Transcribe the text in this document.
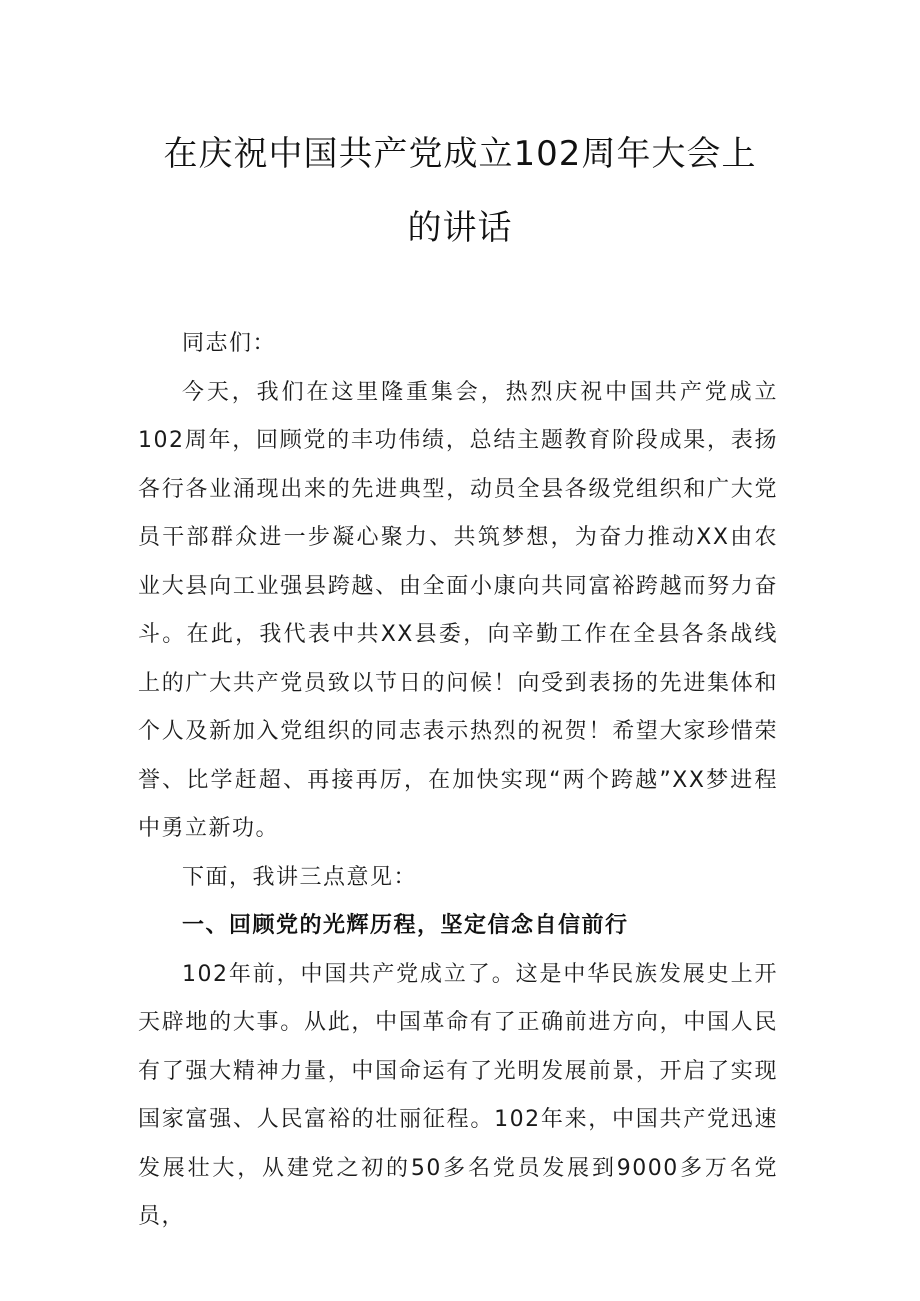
在庆祝中国共产党成立102周年大会上
的讲话

同志们：

今天，我们在这里隆重集会，热烈庆祝中国共产党成立102周年，回顾党的丰功伟绩，总结主题教育阶段成果，表扬各行各业涌现出来的先进典型，动员全县各级党组织和广大党员干部群众进一步凝心聚力、共筑梦想，为奋力推动XX由农业大县向工业强县跨越、由全面小康向共同富裕跨越而努力奋斗。在此，我代表中共XX县委，向辛勤工作在全县各条战线上的广大共产党员致以节日的问候！向受到表扬的先进集体和个人及新加入党组织的同志表示热烈的祝贺！希望大家珍惜荣誉、比学赶超、再接再厉，在加快实现“两个跨越”XX梦进程中勇立新功。

下面，我讲三点意见：

一、回顾党的光辉历程，坚定信念自信前行

102年前，中国共产党成立了。这是中华民族发展史上开天辟地的大事。从此，中国革命有了正确前进方向，中国人民有了强大精神力量，中国命运有了光明发展前景，开启了实现国家富强、人民富裕的壮丽征程。102年来，中国共产党迅速发展壮大，从建党之初的50多名党员发展到9000多万名党员，
